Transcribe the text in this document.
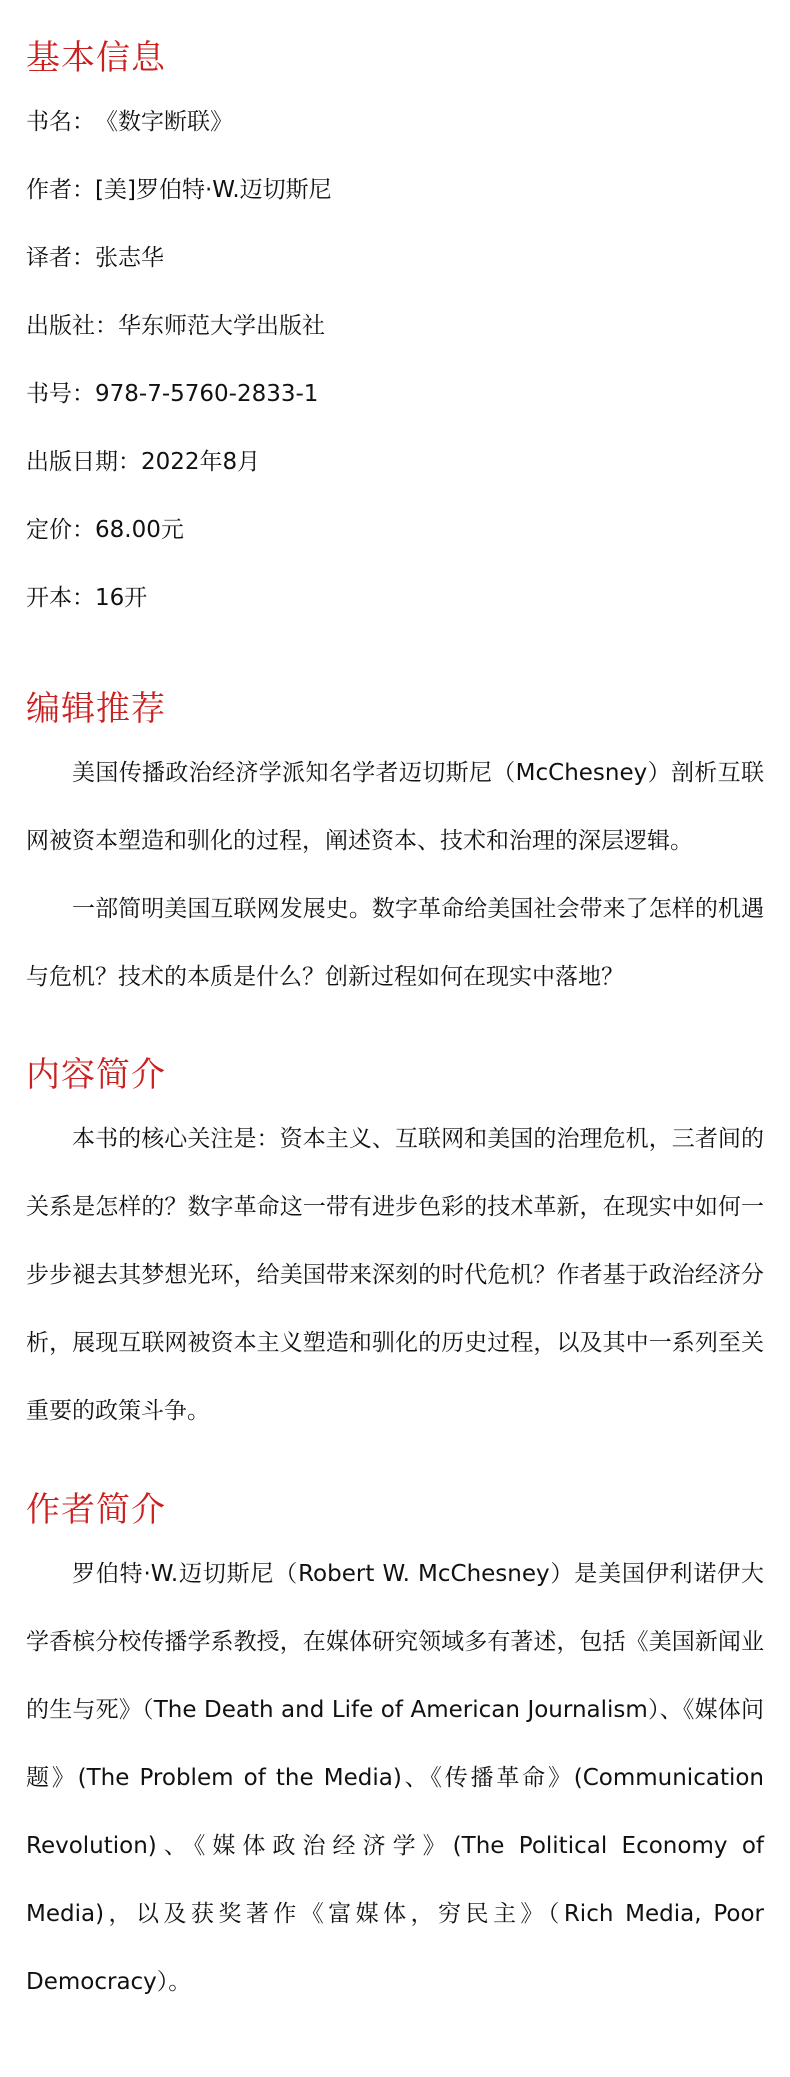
基本信息

书名： 《数字断联》

作者： [美]罗伯特·W.迈切斯尼

译者： 张志华

出版社： 华东师范大学出版社

书号： 978-7-5760-2833-1

出版日期： 2022年8月

定价： 68.00元

开本： 16开

编辑推荐

美国传播政治经济学派知名学者迈切斯尼（McChesney）剖析互联网被资本塑造和驯化的过程，阐述资本、技术和治理的深层逻辑。

一部简明美国互联网发展史。数字革命给美国社会带来了怎样的机遇与危机？技术的本质是什么？创新过程如何在现实中落地？

内容简介

本书的核心关注是：资本主义、互联网和美国的治理危机，三者间的关系是怎样的？数字革命这一带有进步色彩的技术革新，在现实中如何一步步褪去其梦想光环，给美国带来深刻的时代危机？作者基于政治经济分析，展现互联网被资本主义塑造和驯化的历史过程，以及其中一系列至关重要的政策斗争。

作者简介

罗伯特·W.迈切斯尼（Robert W. McChesney）是美国伊利诺伊大学香槟分校传播学系教授，在媒体研究领域多有著述，包括《美国新闻业的生与死》（The Death and Life of American Journalism）、《媒体问题》(The Problem of the Media)、《传播革命》(Communication Revolution)、《媒体政治经济学》(The Political Economy of Media)，以及获奖著作《富媒体，穷民主》（Rich Media, Poor Democracy）。
